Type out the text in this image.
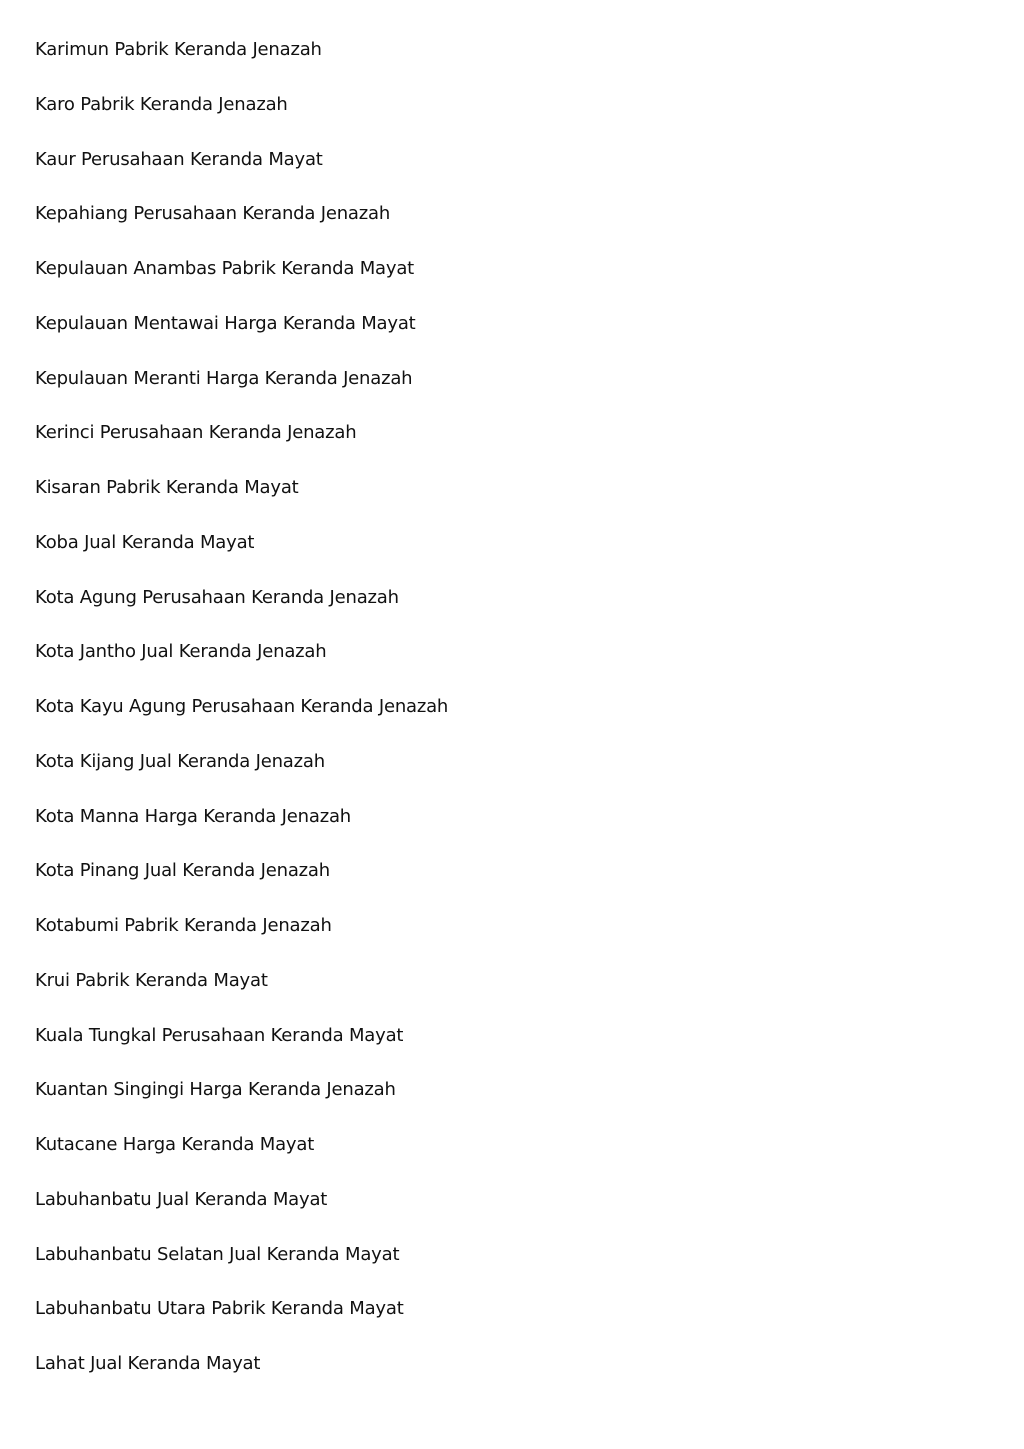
Karimun Pabrik Keranda Jenazah
Karo Pabrik Keranda Jenazah
Kaur Perusahaan Keranda Mayat
Kepahiang Perusahaan Keranda Jenazah
Kepulauan Anambas Pabrik Keranda Mayat
Kepulauan Mentawai Harga Keranda Mayat
Kepulauan Meranti Harga Keranda Jenazah
Kerinci Perusahaan Keranda Jenazah
Kisaran Pabrik Keranda Mayat
Koba Jual Keranda Mayat
Kota Agung Perusahaan Keranda Jenazah
Kota Jantho Jual Keranda Jenazah
Kota Kayu Agung Perusahaan Keranda Jenazah
Kota Kijang Jual Keranda Jenazah
Kota Manna Harga Keranda Jenazah
Kota Pinang Jual Keranda Jenazah
Kotabumi Pabrik Keranda Jenazah
Krui Pabrik Keranda Mayat
Kuala Tungkal Perusahaan Keranda Mayat
Kuantan Singingi Harga Keranda Jenazah
Kutacane Harga Keranda Mayat
Labuhanbatu Jual Keranda Mayat
Labuhanbatu Selatan Jual Keranda Mayat
Labuhanbatu Utara Pabrik Keranda Mayat
Lahat Jual Keranda Mayat
